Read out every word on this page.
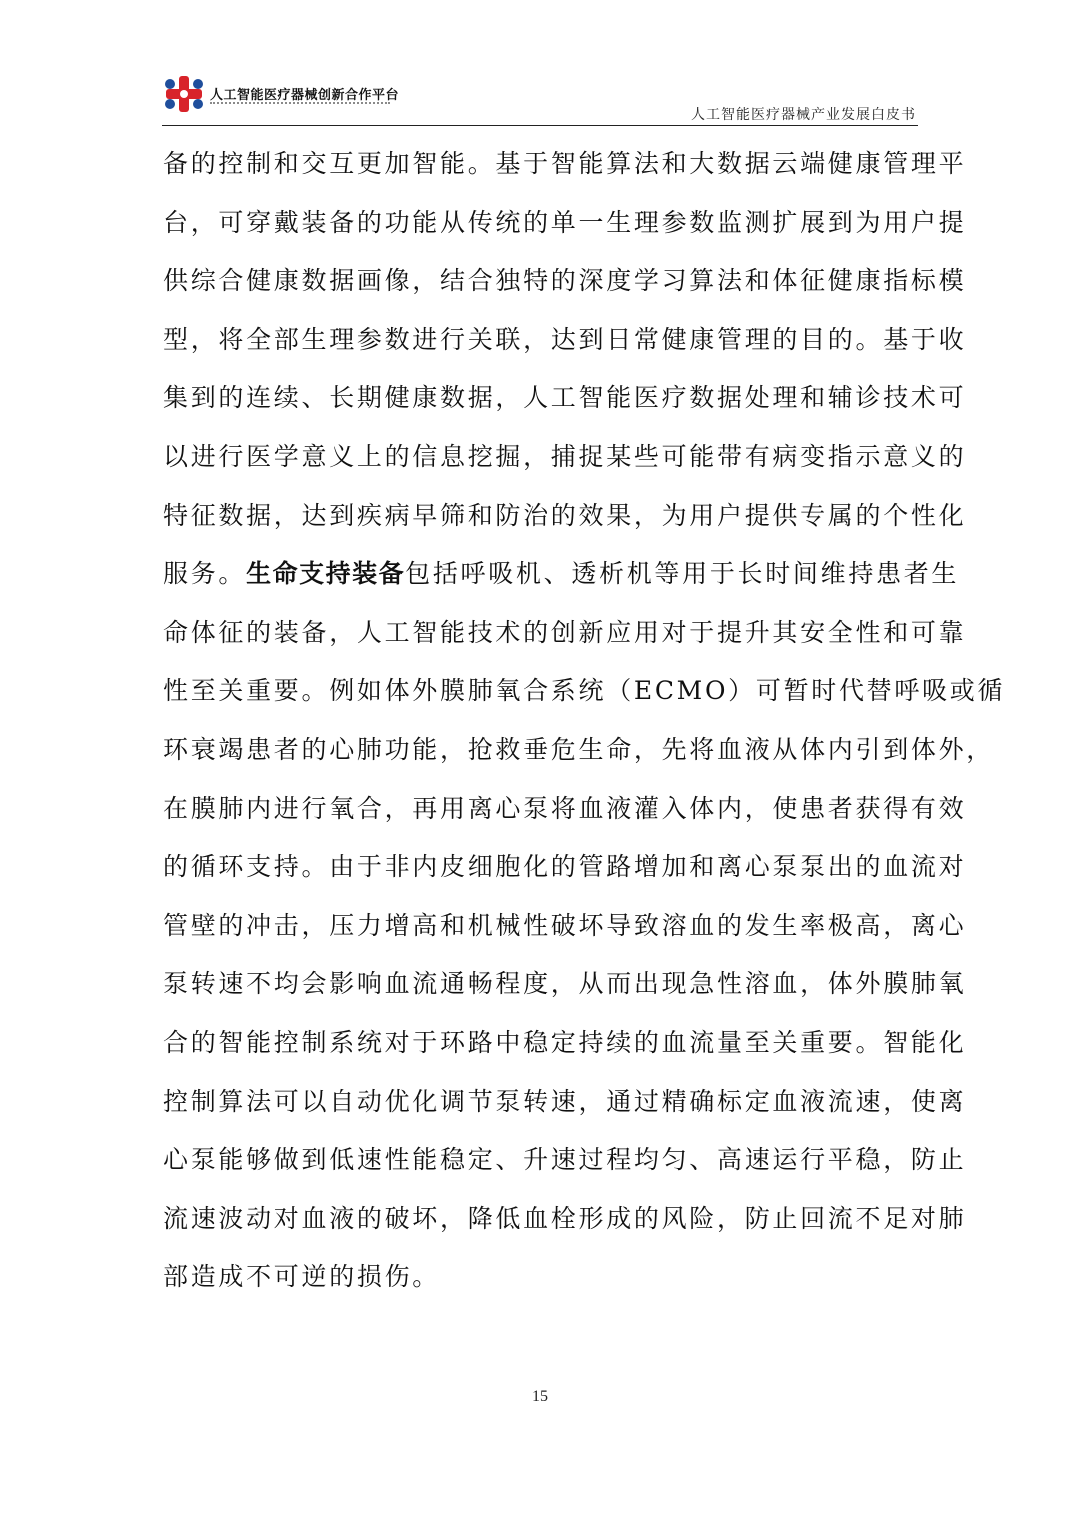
人工智能医疗器械创新合作平台
人工智能医疗器械产业发展白皮书
备的控制和交互更加智能。基于智能算法和大数据云端健康管理平
台，可穿戴装备的功能从传统的单一生理参数监测扩展到为用户提
供综合健康数据画像，结合独特的深度学习算法和体征健康指标模
型，将全部生理参数进行关联，达到日常健康管理的目的。基于收
集到的连续、长期健康数据，人工智能医疗数据处理和辅诊技术可
以进行医学意义上的信息挖掘，捕捉某些可能带有病变指示意义的
特征数据，达到疾病早筛和防治的效果，为用户提供专属的个性化
服务。生命支持装备包括呼吸机、透析机等用于长时间维持患者生
命体征的装备，人工智能技术的创新应用对于提升其安全性和可靠
性至关重要。例如体外膜肺氧合系统（ECMO）可暂时代替呼吸或循
环衰竭患者的心肺功能，抢救垂危生命，先将血液从体内引到体外，
在膜肺内进行氧合，再用离心泵将血液灌入体内，使患者获得有效
的循环支持。由于非内皮细胞化的管路增加和离心泵泵出的血流对
管壁的冲击，压力增高和机械性破坏导致溶血的发生率极高，离心
泵转速不均会影响血流通畅程度，从而出现急性溶血，体外膜肺氧
合的智能控制系统对于环路中稳定持续的血流量至关重要。智能化
控制算法可以自动优化调节泵转速，通过精确标定血液流速，使离
心泵能够做到低速性能稳定、升速过程均匀、高速运行平稳，防止
流速波动对血液的破坏，降低血栓形成的风险，防止回流不足对肺
部造成不可逆的损伤。
15
